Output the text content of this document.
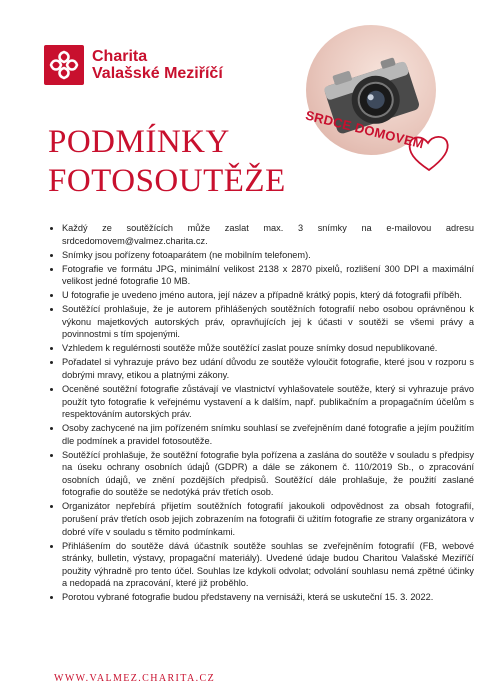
Charita
Valašské Meziříčí
PODMÍNKY
FOTOSOUTĚŽE
SRDCE DOMOVEM
• Každý ze soutěžících může zaslat max. 3 snímky na e-mailovou adresu srdcedomovem@valmez.charita.cz.
• Snímky jsou pořízeny fotoaparátem (ne mobilním telefonem).
• Fotografie ve formátu JPG, minimální velikost 2138 x 2870 pixelů, rozlišení 300 DPI a maximální velikost jedné fotografie 10 MB.
• U fotografie je uvedeno jméno autora, její název a případně krátký popis, který dá fotografii příběh.
• Soutěžící prohlašuje, že je autorem přihlášených soutěžních fotografií nebo osobou oprávněnou k výkonu majetkových autorských práv, opravňujících jej k účasti v soutěži se všemi právy a povinnostmi s tím spojenými.
• Vzhledem k regulérnosti soutěže může soutěžící zaslat pouze snímky dosud nepublikované.
• Pořadatel si vyhrazuje právo bez udání důvodu ze soutěže vyloučit fotografie, které jsou v rozporu s dobrými mravy, etikou a platnými zákony.
• Oceněné soutěžní fotografie zůstávají ve vlastnictví vyhlašovatele soutěže, který si vyhrazuje právo použít tyto fotografie k veřejnému vystavení a k dalším, např. publikačním a propagačním účelům s respektováním autorských práv.
• Osoby zachycené na jim pořízeném snímku souhlasí se zveřejněním dané fotografie a jejím použitím dle podmínek a pravidel fotosoutěže.
• Soutěžící prohlašuje, že soutěžní fotografie byla pořízena a zaslána do soutěže v souladu s předpisy na úseku ochrany osobních údajů (GDPR) a dále se zákonem č. 110/2019 Sb., o zpracování osobních údajů, ve znění pozdějších předpisů. Soutěžící dále prohlašuje, že použití zaslané fotografie do soutěže se nedotýká práv třetích osob.
• Organizátor nepřebírá přijetím soutěžních fotografií jakoukoli odpovědnost za obsah fotografií, porušení práv třetích osob jejich zobrazením na fotografii či užitím fotografie ze strany organizátora v dobré víře v souladu s těmito podmínkami.
• Přihlášením do soutěže dává účastník soutěže souhlas se zveřejněním fotografií (FB, webové stránky, bulletin, výstavy, propagační materiály). Uvedené údaje budou Charitou Valašské Meziříčí použity výhradně pro tento účel. Souhlas lze kdykoli odvolat; odvolání souhlasu nemá zpětné účinky a nedopadá na zpracování, které již proběhlo.
• Porotou vybrané fotografie budou představeny na vernisáži, která se uskuteční 15. 3. 2022.

WWW.VALMEZ.CHARITA.CZ
